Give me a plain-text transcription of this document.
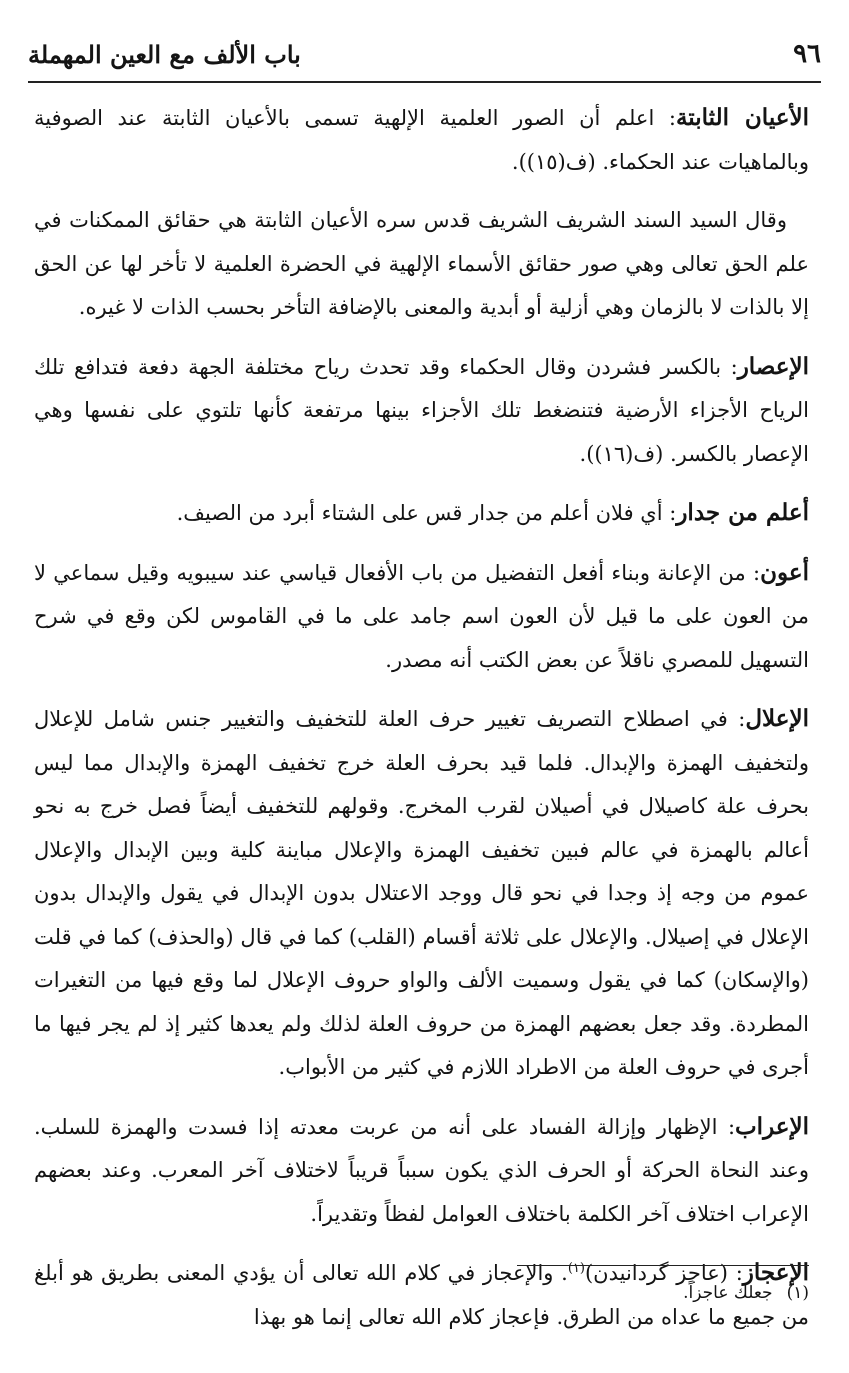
٩٦
باب الألف مع العين المهملة

الأعيان الثابتة: اعلم أن الصور العلمية الإلهية تسمى بالأعيان الثابتة عند الصوفية وبالماهيات عند الحكماء. (ف(١٥)).

وقال السيد السند الشريف الشريف قدس سره الأعيان الثابتة هي حقائق الممكنات في علم الحق تعالى وهي صور حقائق الأسماء الإلهية في الحضرة العلمية لا تأخر لها عن الحق إلا بالذات لا بالزمان وهي أزلية أو أبدية والمعنى بالإضافة التأخر بحسب الذات لا غيره.

الإعصار: بالكسر فشردن وقال الحكماء وقد تحدث رياح مختلفة الجهة دفعة فتدافع تلك الرياح الأجزاء الأرضية فتنضغط تلك الأجزاء بينها مرتفعة كأنها تلتوي على نفسها وهي الإعصار بالكسر. (ف(١٦)).

أعلم من جدار: أي فلان أعلم من جدار قس على الشتاء أبرد من الصيف.

أعون: من الإعانة وبناء أفعل التفضيل من باب الأفعال قياسي عند سيبويه وقيل سماعي لا من العون على ما قيل لأن العون اسم جامد على ما في القاموس لكن وقع في شرح التسهيل للمصري ناقلاً عن بعض الكتب أنه مصدر.

الإعلال: في اصطلاح التصريف تغيير حرف العلة للتخفيف والتغيير جنس شامل للإعلال ولتخفيف الهمزة والإبدال. فلما قيد بحرف العلة خرج تخفيف الهمزة والإبدال مما ليس بحرف علة كاصيلال في أصيلان لقرب المخرج. وقولهم للتخفيف أيضاً فصل خرج به نحو أعالم بالهمزة في عالم فبين تخفيف الهمزة والإعلال مباينة كلية وبين الإبدال والإعلال عموم من وجه إذ وجدا في نحو قال ووجد الاعتلال بدون الإبدال في يقول والإبدال بدون الإعلال في إصيلال. والإعلال على ثلاثة أقسام (القلب) كما في قال (والحذف) كما في قلت (والإسكان) كما في يقول وسميت الألف والواو حروف الإعلال لما وقع فيها من التغيرات المطردة. وقد جعل بعضهم الهمزة من حروف العلة لذلك ولم يعدها كثير إذ لم يجر فيها ما أجرى في حروف العلة من الاطراد اللازم في كثير من الأبواب.

الإعراب: الإظهار وإزالة الفساد على أنه من عربت معدته إذا فسدت والهمزة للسلب. وعند النحاة الحركة أو الحرف الذي يكون سبباً قريباً لاختلاف آخر المعرب. وعند بعضهم الإعراب اختلاف آخر الكلمة باختلاف العوامل لفظاً وتقديراً.

الإعجاز: (عاجز گردانيدن)$^{(١)}$. والإعجاز في كلام الله تعالى أن يؤدي المعنى بطريق هو أبلغ من جميع ما عداه من الطرق. فإعجاز كلام الله تعالى إنما هو بهذا

(١)جعلك عاجزاً.
